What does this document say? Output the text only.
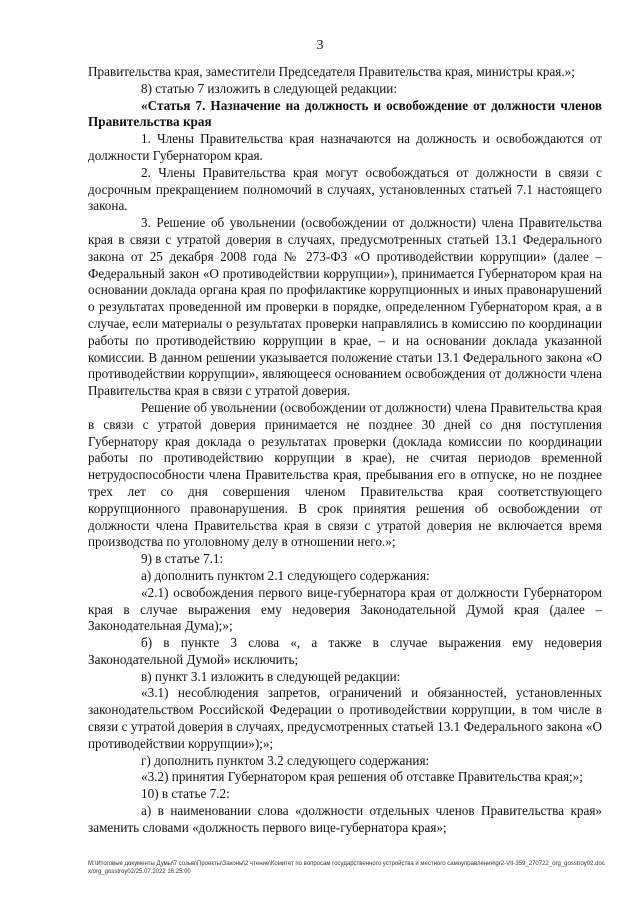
3

Правительства края, заместители Председателя Правительства края, министры края.»;

8) статью 7 изложить в следующей редакции:

«Статья 7. Назначение на должность и освобождение от должности членов Правительства края

1. Члены Правительства края назначаются на должность и освобождаются от должности Губернатором края.

2. Члены Правительства края могут освобождаться от должности в связи с досрочным прекращением полномочий в случаях, установленных статьей 7.1 настоящего закона.

3. Решение об увольнении (освобождении от должности) члена Правительства края в связи с утратой доверия в случаях, предусмотренных статьей 13.1 Федерального закона от 25 декабря 2008 года № 273-ФЗ «О противодействии коррупции» (далее – Федеральный закон «О противодействии коррупции»), принимается Губернатором края на основании доклада органа края по профилактике коррупционных и иных правонарушений о результатах проведенной им проверки в порядке, определенном Губернатором края, а в случае, если материалы о результатах проверки направлялись в комиссию по координации работы по противодействию коррупции в крае, – и на основании доклада указанной комиссии. В данном решении указывается положение статьи 13.1 Федерального закона «О противодействии коррупции», являющееся основанием освобождения от должности члена Правительства края в связи с утратой доверия.

Решение об увольнении (освобождении от должности) члена Правительства края в связи с утратой доверия принимается не позднее 30 дней со дня поступления Губернатору края доклада о результатах проверки (доклада комиссии по координации работы по противодействию коррупции в крае), не считая периодов временной нетрудоспособности члена Правительства края, пребывания его в отпуске, но не позднее трех лет со дня совершения членом Правительства края соответствующего коррупционного правонарушения. В срок принятия решения об освобождении от должности члена Правительства края в связи с утратой доверия не включается время производства по уголовному делу в отношении него.»;

9) в статье 7.1:

а) дополнить пунктом 2.1 следующего содержания:

«2.1) освобождения первого вице-губернатора края от должности Губернатором края в случае выражения ему недоверия Законодательной Думой края (далее – Законодательная Дума);»;

б) в пункте 3 слова «, а также в случае выражения ему недоверия Законодательной Думой» исключить;

в) пункт 3.1 изложить в следующей редакции:

«3.1) несоблюдения запретов, ограничений и обязанностей, установленных законодательством Российской Федерации о противодействии коррупции, в том числе в связи с утратой доверия в случаях, предусмотренных статьей 13.1 Федерального закона «О противодействии коррупции»);»;

г) дополнить пунктом 3.2 следующего содержания:

«3.2) принятия Губернатором края решения об отставке Правительства края;»;

10) в статье 7.2:

а) в наименовании слова «должности отдельных членов Правительства края» заменить словами «должность первого вице-губернатора края»;

M:\Итоговые документы Думы\7 созыв\Проекты\Законы\2 чтение\Комитет по вопросам государственного устройства и местного самоуправления\gr2-VII-359_270722_org_gosstroy02.docx/org_gosstroy02/25.07.2022 16:25:00
